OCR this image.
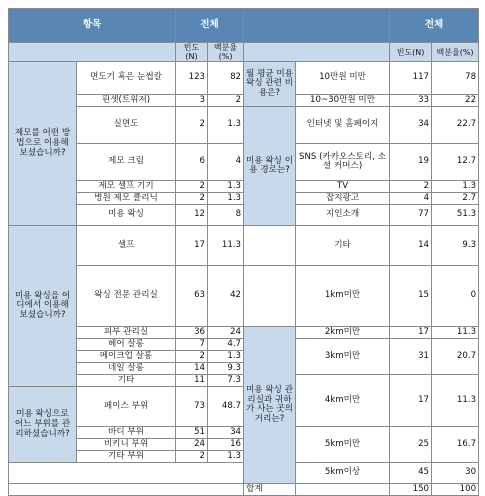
항목		전체				전체	
		빈도(N)	백분율(%)			빈도(N)	백분율(%)
제모를 어떤 방법으로 이용해 보셨습니까?	면도기 혹은 눈썹칼	123	82	월 평균 미용 왁싱 관련 비용은?	10만원 미만	117	78
	핀셋(트위저)	3	2		10~30만원 미만	33	22
	실면도	2	1.3	미용 왁싱 이용 경로는?	인터넷 및 홈페이지	34	22.7
	제모 크림	6	4		SNS (카카오스토리, 소셜 커머스)	19	12.7
	제모 셀프 기기	2	1.3		TV	2	1.3
	병원 제모 클리닉	2	1.3		잡지광고	4	2.7
	미용 왁싱	12	8		지인소개	77	51.3
미용 왁싱을 어디에서 이용해 보셨습니까?	셀프	17	11.3		기타	14	9.3
	왁싱 전문 관리실	63	42		1km미만	15	0
	피부 관리실	36	24	미용 왁싱 관리실과 귀하가 사는 곳의 거리는?	2km미만	17	11.3
	헤어 살롱	7	4.7		3km미만	31	20.7
	메이크업 살롱	2	1.3				
	네일 살롱	14	9.3				
	기타	11	7.3		4km미만	17	11.3
미용 왁싱으로 어느 부위를 관리하셨습니까?	페이스 부위	73	48.7				
	바디 부위	51	34		5km미만	25	16.7
	비키니 부위	24	16				
	기타 부위	2	1.3				
					5km이상	45	30
				합계		150	100
